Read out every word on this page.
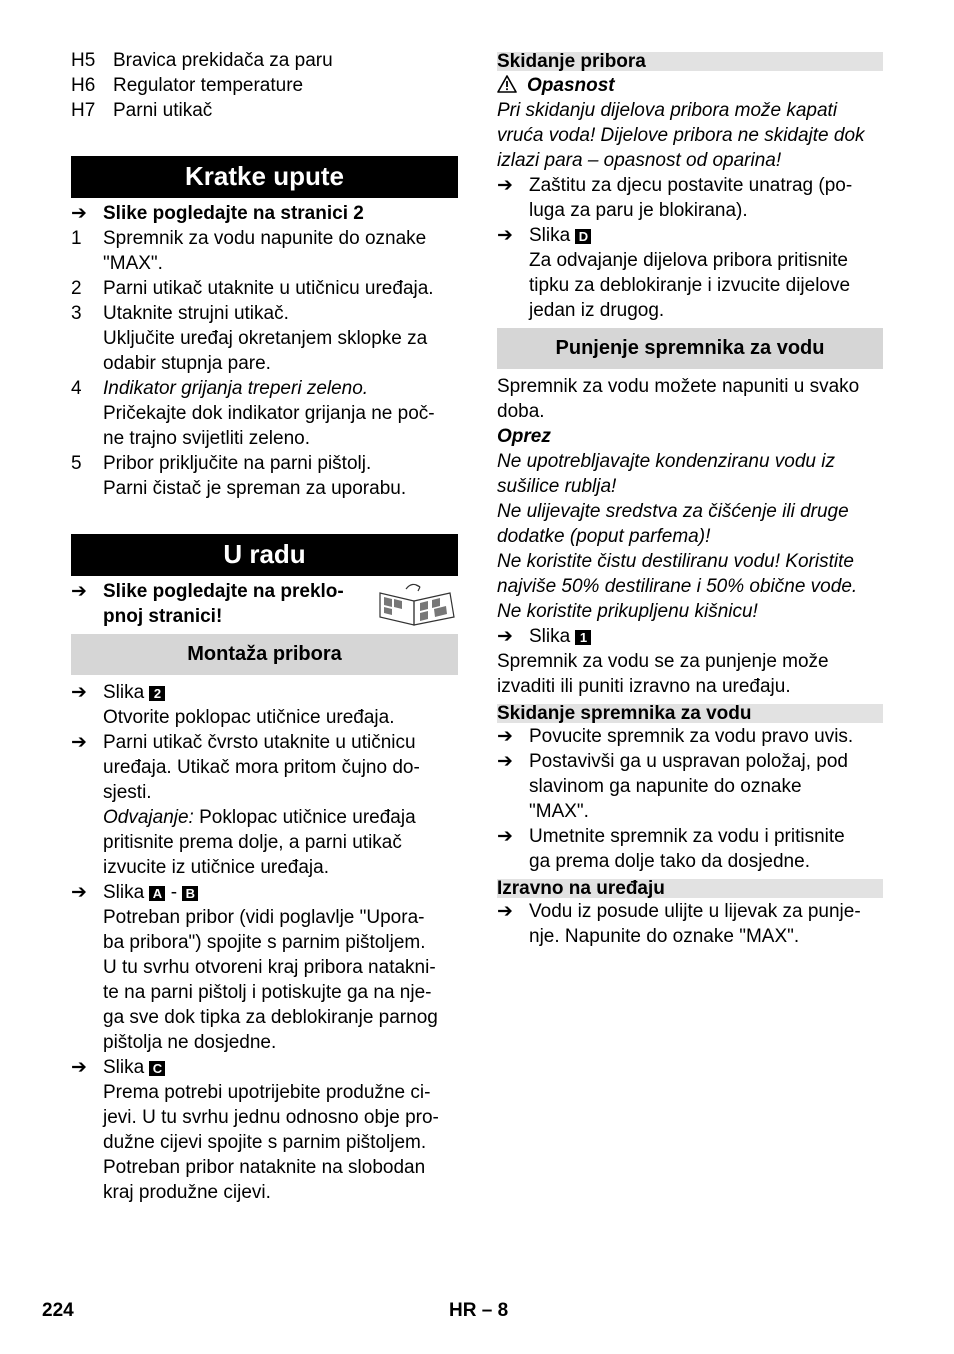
H5 Bravica prekidača za paru
H6 Regulator temperature
H7 Parni utikač
Kratke upute
➔ Slike pogledajte na stranici 2
1	Spremnik za vodu napunite do oznake
"MAX".
2	Parni utikač utaknite u utičnicu uređaja.
3	Utaknite strujni utikač.
Uključite uređaj okretanjem sklopke za
odabir stupnja pare.
4	Indikator grijanja treperi zeleno.
Pričekajte dok indikator grijanja ne poč-
ne trajno svijetliti zeleno.
5	Pribor priključite na parni pištolj.
Parni čistač je spreman za uporabu.
U radu
➔ Slike pogledajte na preklo-
pnoj stranici!
Montaža pribora
➔ Slika 2
Otvorite poklopac utičnice uređaja.
➔ Parni utikač čvrsto utaknite u utičnicu
uređaja. Utikač mora pritom čujno do-
sjesti.
Odvajanje: Poklopac utičnice uređaja
pritisnite prema dolje, a parni utikač
izvucite iz utičnice uređaja.
➔ Slika A - B
Potreban pribor (vidi poglavlje "Upora-
ba pribora") spojite s parnim pištoljem.
U tu svrhu otvoreni kraj pribora natakni-
te na parni pištolj i potiskujte ga na nje-
ga sve dok tipka za deblokiranje parnog
pištolja ne dosjedne.
➔ Slika C
Prema potrebi upotrijebite produžne ci-
jevi. U tu svrhu jednu odnosno obje pro-
dužne cijevi spojite s parnim pištoljem.
Potreban pribor nataknite na slobodan
kraj produžne cijevi.
Skidanje pribora
Opasnost
Pri skidanju dijelova pribora može kapati
vruća voda! Dijelove pribora ne skidajte dok
izlazi para – opasnost od oparina!
➔ Zaštitu za djecu postavite unatrag (po-
luga za paru je blokirana).
➔ Slika D
Za odvajanje dijelova pribora pritisnite
tipku za deblokiranje i izvucite dijelove
jedan iz drugog.
Punjenje spremnika za vodu
Spremnik za vodu možete napuniti u svako
doba.
Oprez
Ne upotrebljavajte kondenziranu vodu iz
sušilice rublja!
Ne ulijevajte sredstva za čišćenje ili druge
dodatke (poput parfema)!
Ne koristite čistu destiliranu vodu! Koristite
najviše 50% destilirane i 50% obične vode.
Ne koristite prikupljenu kišnicu!
➔ Slika 1
Spremnik za vodu se za punjenje može
izvaditi ili puniti izravno na uređaju.
Skidanje spremnika za vodu
➔ Povucite spremnik za vodu pravo uvis.
➔ Postavivši ga u uspravan položaj, pod
slavinom ga napunite do oznake
"MAX".
➔ Umetnite spremnik za vodu i pritisnite
ga prema dolje tako da dosjedne.
Izravno na uređaju
➔ Vodu iz posude ulijte u lijevak za punje-
nje. Napunite do oznake "MAX".
224	HR – 8
